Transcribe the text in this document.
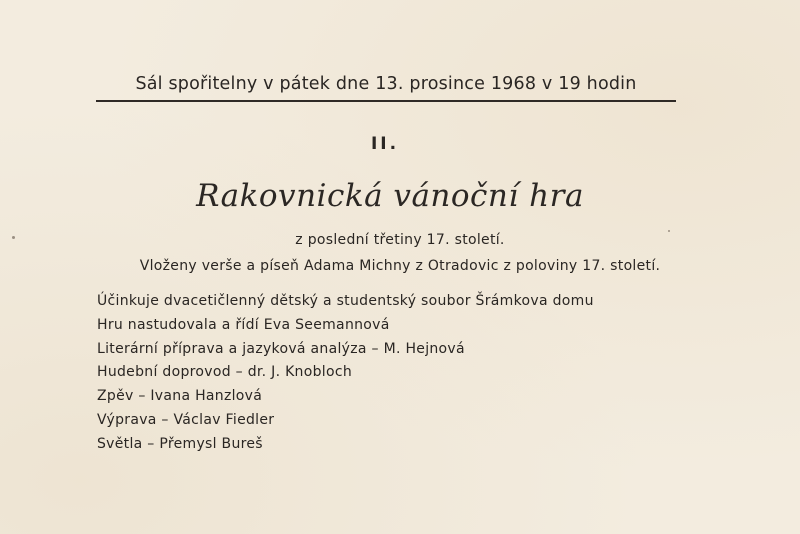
Sál spořitelny v pátek dne 13. prosince 1968 v 19 hodin
II.
Rakovnická vánoční hra
z poslední třetiny 17. století.
Vloženy verše a píseň Adama Michny z Otradovic z poloviny 17. století.
Účinkuje dvacetičlenný dětský a studentský soubor Šrámkova domu
Hru nastudovala a řídí Eva Seemannová
Literární příprava a jazyková analýza – M. Hejnová
Hudební doprovod – dr. J. Knobloch
Zpěv – Ivana Hanzlová
Výprava – Václav Fiedler
Světla – Přemysl Bureš
